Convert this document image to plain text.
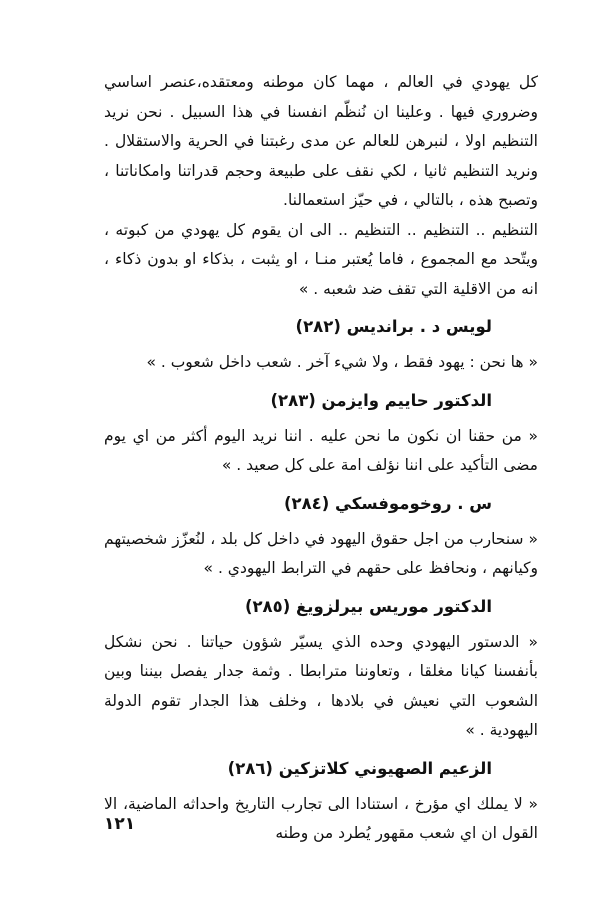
كل يهودي في العالم ، مهما كان موطنه ومعتقده،عنصر اساسي وضروري فيها . وعلينا ان نُنظّم انفسنا في هذا السبيل . نحن نريد التنظيم اولا ، لنبرهن للعالم عن مدى رغبتنا في الحرية والاستقلال . ونريد التنظيم ثانيا ، لكي نقف على طبيعة وحجم قدراتنا وامكاناتنا ، وتصبح هذه ، بالتالي ، في حيّز استعمالنا.

التنظيم .. التنظيم .. التنظيم .. الى ان يقوم كل يهودي من كبوته ، ويتّحد مع المجموع ، فاما يُعتبر منـا ، او يثبت ، بذكاء او بدون ذكاء ، انه من الاقلية التي تقف ضد شعبه . »

لويس د . برانديس (٢٨٢)

« ها نحن : يهود فقط ، ولا شيء آخر . شعب داخل شعوب . »

الدكتور حاييم وايزمن (٢٨٣)

« من حقنا ان نكون ما نحن عليه . اننا نريد اليوم أكثر من اي يوم مضى التأكيد على اننا نؤلف امة على كل صعيد . »

س . روخوموفسكي (٢٨٤)

« سنحارب من اجل حقوق اليهود في داخل كل بلد ، لنُعزّز شخصيتهم وكيانهم ، ونحافظ على حقهم في الترابط اليهودي . »

الدكتور موريس بيرلزويغ (٢٨٥)

« الدستور اليهودي وحده الذي يسيّر شؤون حياتنا . نحن نشكل بأنفسنا كيانا مغلقا ، وتعاوننا مترابطا . وثمة جدار يفصل بيننا وبين الشعوب التي نعيش في بلادها ، وخلف هذا الجدار تقوم الدولة اليهودية . »

الزعيم الصهيوني كلاتزكين (٢٨٦)

« لا يملك اي مؤرخ ، استنادا الى تجارب التاريخ واحداثه الماضية، الا القول ان اي شعب مقهور يُطرد من وطنه

١٢١
